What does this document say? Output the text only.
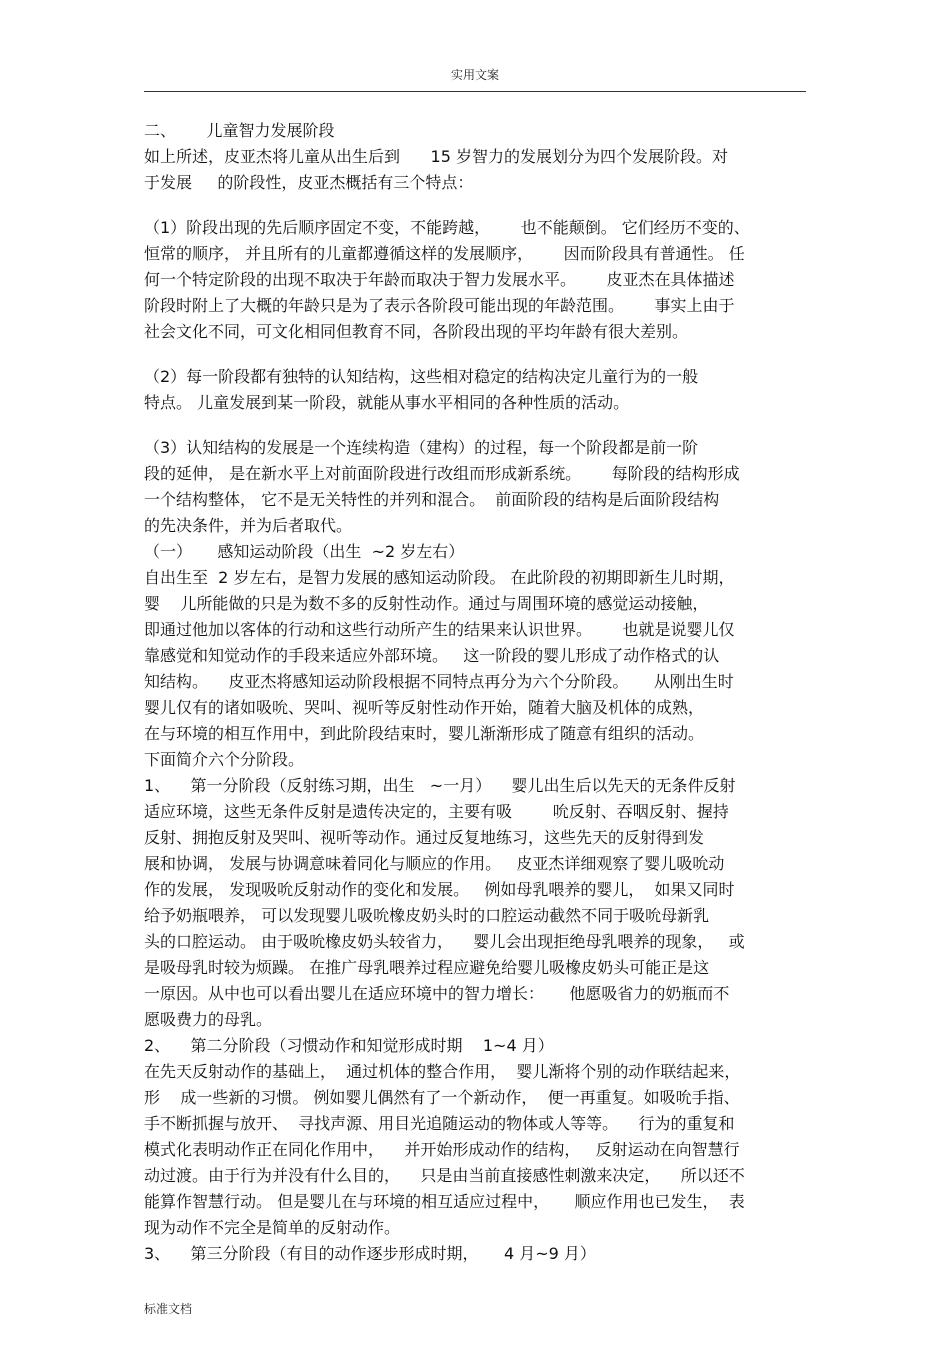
实用文案
二、      儿童智力发展阶段
如上所述，皮亚杰将儿童从出生后到      15 岁智力的发展划分为四个发展阶段。对
于发展     的阶段性，皮亚杰概括有三个特点：
（1）阶段出现的先后顺序固定不变，不能跨越，      也不能颠倒。 它们经历不变的、
恒常的顺序， 并且所有的儿童都遵循这样的发展顺序，      因而阶段具有普通性。 任
何一个特定阶段的出现不取决于年龄而取决于智力发展水平。      皮亚杰在具体描述
阶段时附上了大概的年龄只是为了表示各阶段可能出现的年龄范围。      事实上由于
社会文化不同，可文化相同但教育不同，各阶段出现的平均年龄有很大差别。
（2）每一阶段都有独特的认知结构，这些相对稳定的结构决定儿童行为的一般
特点。 儿童发展到某一阶段，就能从事水平相同的各种性质的活动。
（3）认知结构的发展是一个连续构造（建构）的过程，每一个阶段都是前一阶
段的延伸， 是在新水平上对前面阶段进行改组而形成新系统。      每阶段的结构形成
一个结构整体， 它不是无关特性的并列和混合。  前面阶段的结构是后面阶段结构
的先决条件，并为后者取代。
（一）     感知运动阶段（出生  ~2 岁左右）
自出生至  2 岁左右，是智力发展的感知运动阶段。 在此阶段的初期即新生儿时期，
婴    儿所能做的只是为数不多的反射性动作。通过与周围环境的感觉运动接触，
即通过他加以客体的行动和这些行动所产生的结果来认识世界。      也就是说婴儿仅
靠感觉和知觉动作的手段来适应外部环境。   这一阶段的婴儿形成了动作格式的认
知结构。    皮亚杰将感知运动阶段根据不同特点再分为六个分阶段。     从刚出生时
婴儿仅有的诸如吸吮、哭叫、视听等反射性动作开始，随着大脑及机体的成熟，
在与环境的相互作用中，到此阶段结束时，婴儿渐渐形成了随意有组织的活动。
下面简介六个分阶段。
1、    第一分阶段（反射练习期，出生   ~一月）    婴儿出生后以先天的无条件反射
适应环境，这些无条件反射是遗传决定的，主要有吸        吮反射、吞咽反射、握持
反射、拥抱反射及哭叫、视听等动作。通过反复地练习，这些先天的反射得到发
展和协调， 发展与协调意味着同化与顺应的作用。   皮亚杰详细观察了婴儿吸吮动
作的发展， 发现吸吮反射动作的变化和发展。   例如母乳喂养的婴儿，  如果又同时
给予奶瓶喂养， 可以发现婴儿吸吮橡皮奶头时的口腔运动截然不同于吸吮母新乳
头的口腔运动。 由于吸吮橡皮奶头较省力，    婴儿会出现拒绝母乳喂养的现象，   或
是吸母乳时较为烦躁。 在推广母乳喂养过程应避免给婴儿吸橡皮奶头可能正是这
一原因。从中也可以看出婴儿在适应环境中的智力增长：     他愿吸省力的奶瓶而不
愿吸费力的母乳。
2、    第二分阶段（习惯动作和知觉形成时期    1~4 月）
在先天反射动作的基础上，  通过机体的整合作用，  婴儿渐将个别的动作联结起来，
形    成一些新的习惯。 例如婴儿偶然有了一个新动作，  便一再重复。如吸吮手指、
手不断抓握与放开、  寻找声源、用目光追随运动的物体或人等等。    行为的重复和
模式化表明动作正在同化作用中，    并开始形成动作的结构，   反射运动在向智慧行
动过渡。由于行为并没有什么目的，    只是由当前直接感性刺激来决定，    所以还不
能算作智慧行动。 但是婴儿在与环境的相互适应过程中，     顺应作用也已发生，  表
现为动作不完全是简单的反射动作。
3、    第三分阶段（有目的动作逐步形成时期，     4 月~9 月）
标准文档
